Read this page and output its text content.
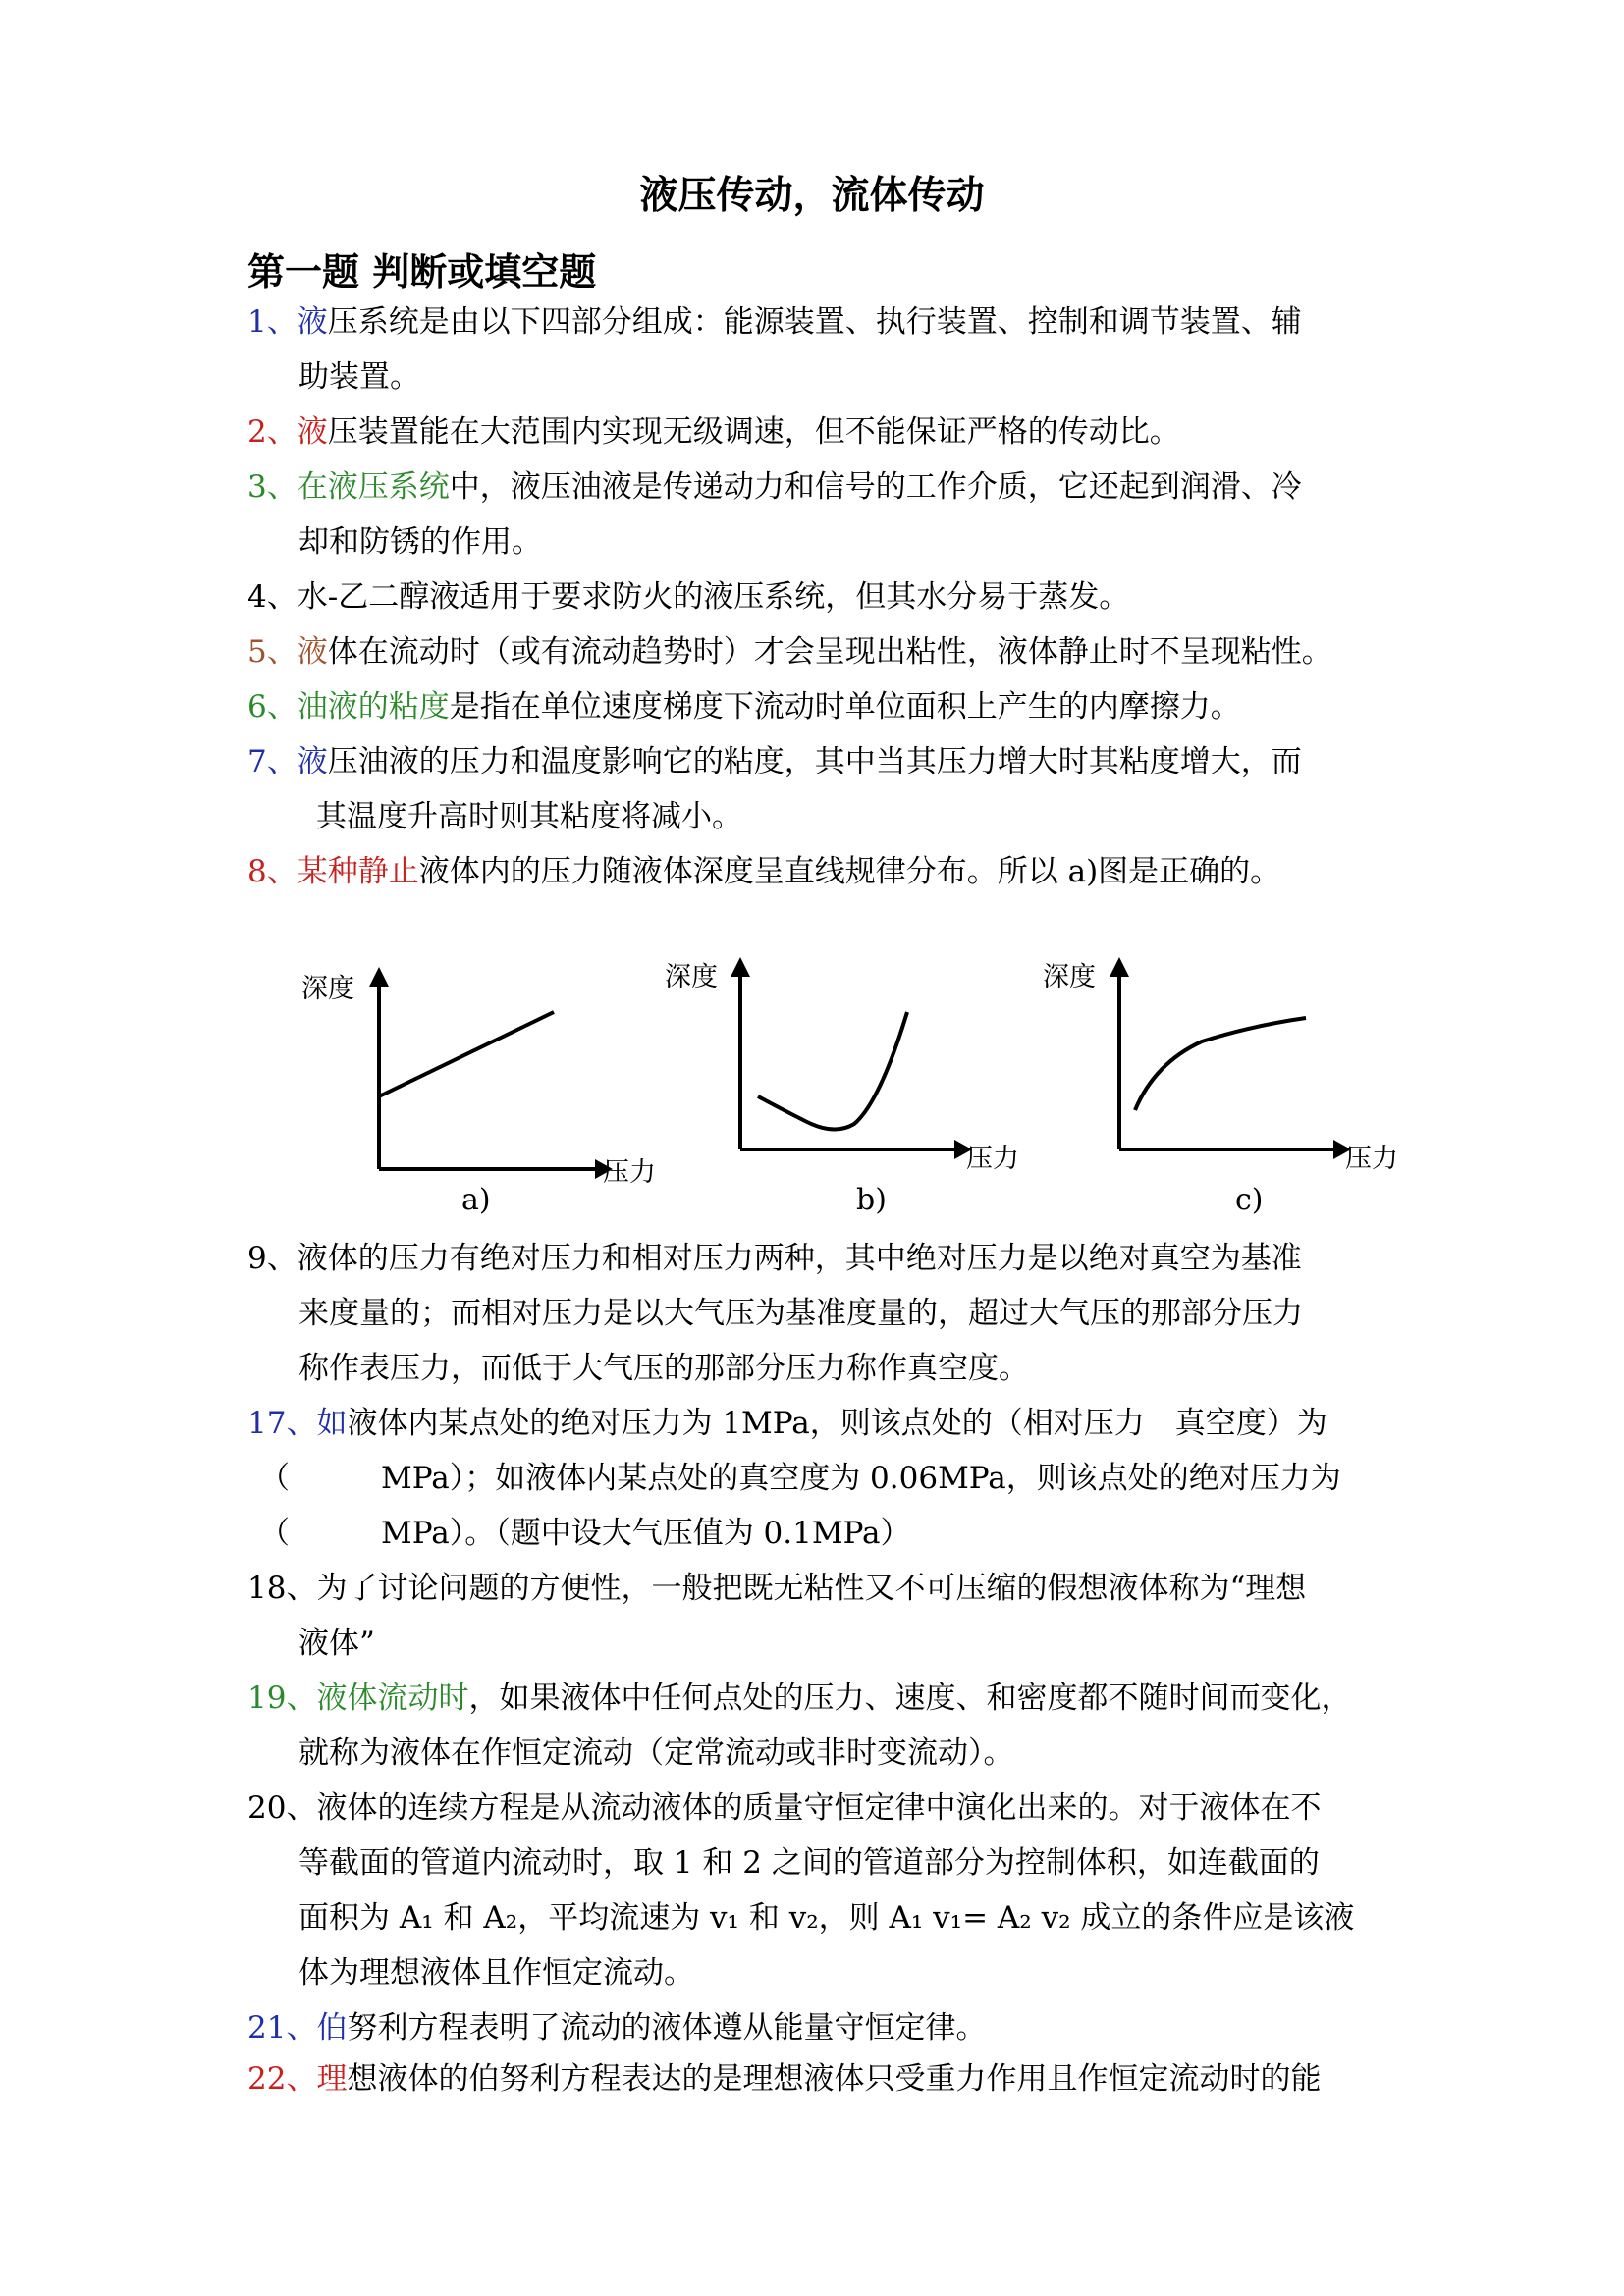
液压传动，流体传动
第一题 判断或填空题
1、液压系统是由以下四部分组成：能源装置、执行装置、控制和调节装置、辅
助装置。
2、液压装置能在大范围内实现无级调速，但不能保证严格的传动比。
3、在液压系统中，液压油液是传递动力和信号的工作介质，它还起到润滑、冷
却和防锈的作用。
4、水-乙二醇液适用于要求防火的液压系统，但其水分易于蒸发。
5、液体在流动时（或有流动趋势时）才会呈现出粘性，液体静止时不呈现粘性。
6、油液的粘度是指在单位速度梯度下流动时单位面积上产生的内摩擦力。
7、液压油液的压力和温度影响它的粘度，其中当其压力增大时其粘度增大，而
其温度升高时则其粘度将减小。
8、某种静止液体内的压力随液体深度呈直线规律分布。所以 a)图是正确的。
深度
压力
a)
深度
压力
b)
深度
压力
c)
9、液体的压力有绝对压力和相对压力两种，其中绝对压力是以绝对真空为基准
来度量的；而相对压力是以大气压为基准度量的，超过大气压的那部分压力
称作表压力，而低于大气压的那部分压力称作真空度。
17、如液体内某点处的绝对压力为 1MPa，则该点处的（相对压力　真空度）为
（　　　MPa）；如液体内某点处的真空度为 0.06MPa，则该点处的绝对压力为
（　　　MPa）。（题中设大气压值为 0.1MPa）
18、为了讨论问题的方便性，一般把既无粘性又不可压缩的假想液体称为“理想
液体”
19、液体流动时，如果液体中任何点处的压力、速度、和密度都不随时间而变化，
就称为液体在作恒定流动（定常流动或非时变流动）。
20、液体的连续方程是从流动液体的质量守恒定律中演化出来的。对于液体在不
等截面的管道内流动时，取 1 和 2 之间的管道部分为控制体积，如连截面的
面积为 A₁ 和 A₂，平均流速为 v₁ 和 v₂，则 A₁ v₁= A₂ v₂ 成立的条件应是该液
体为理想液体且作恒定流动。
21、伯努利方程表明了流动的液体遵从能量守恒定律。
22、理想液体的伯努利方程表达的是理想液体只受重力作用且作恒定流动时的能
